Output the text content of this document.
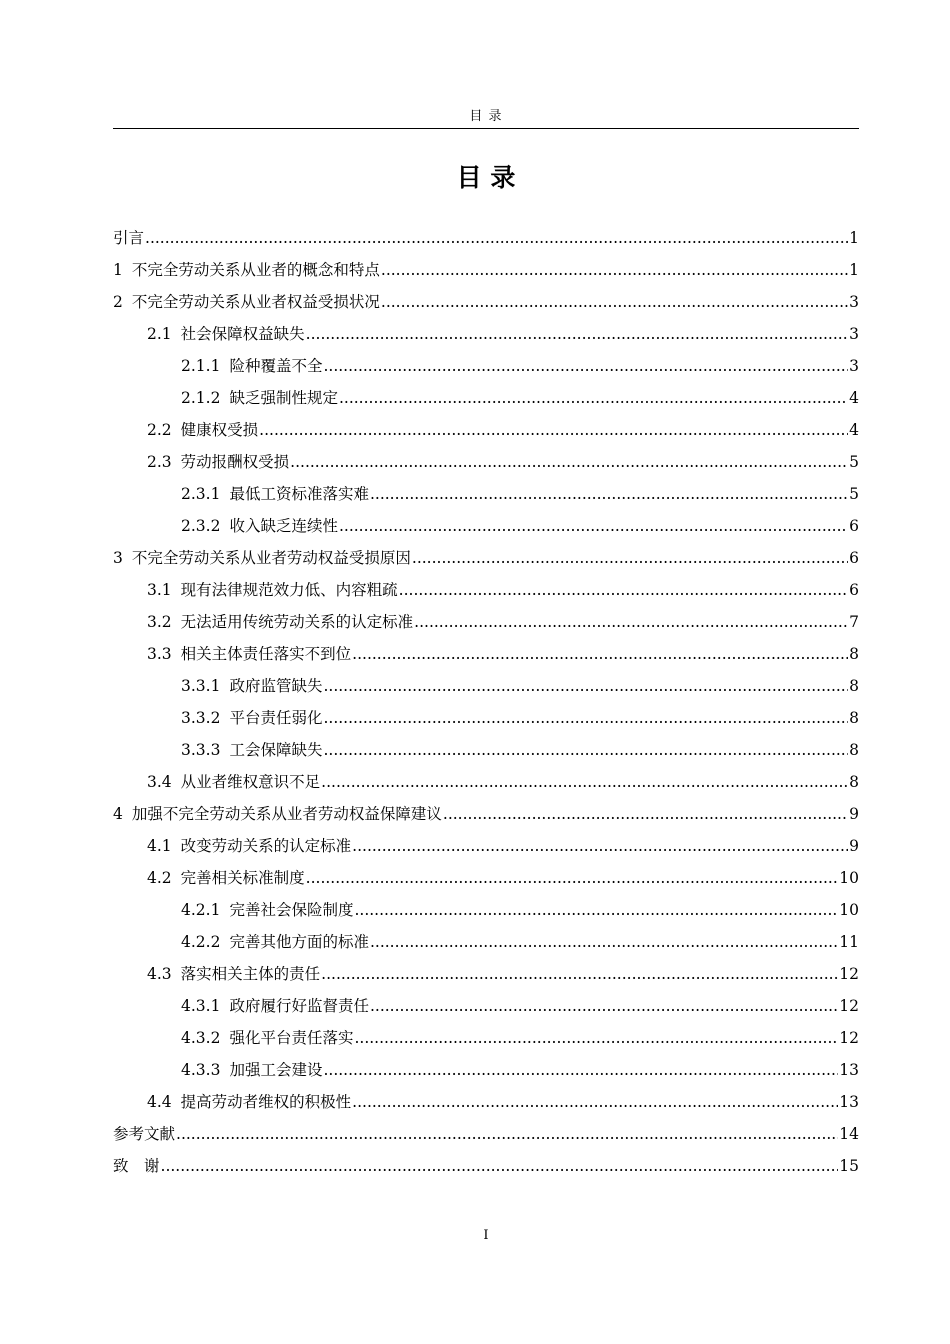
目 录
目 录
引言 .....	1
1 不完全劳动关系从业者的概念和特点 .....	1
2 不完全劳动关系从业者权益受损状况 .....	3
2.1 社会保障权益缺失 .....	3
2.1.1 险种覆盖不全 .....	3
2.1.2 缺乏强制性规定 .....	4
2.2 健康权受损 .....	4
2.3 劳动报酬权受损 .....	5
2.3.1 最低工资标准落实难 .....	5
2.3.2 收入缺乏连续性 .....	6
3 不完全劳动关系从业者劳动权益受损原因 .....	6
3.1 现有法律规范效力低、内容粗疏 .....	6
3.2 无法适用传统劳动关系的认定标准 .....	7
3.3 相关主体责任落实不到位 .....	8
3.3.1 政府监管缺失 .....	8
3.3.2 平台责任弱化 .....	8
3.3.3 工会保障缺失 .....	8
3.4 从业者维权意识不足 .....	8
4 加强不完全劳动关系从业者劳动权益保障建议 .....	9
4.1 改变劳动关系的认定标准 .....	9
4.2 完善相关标准制度 .....	10
4.2.1 完善社会保险制度 .....	10
4.2.2 完善其他方面的标准 .....	11
4.3 落实相关主体的责任 .....	12
4.3.1 政府履行好监督责任 .....	12
4.3.2 强化平台责任落实 .....	12
4.3.3 加强工会建设 .....	13
4.4 提高劳动者维权的积极性 .....	13
参考文献 .....	14
致　谢 .....	15
I
